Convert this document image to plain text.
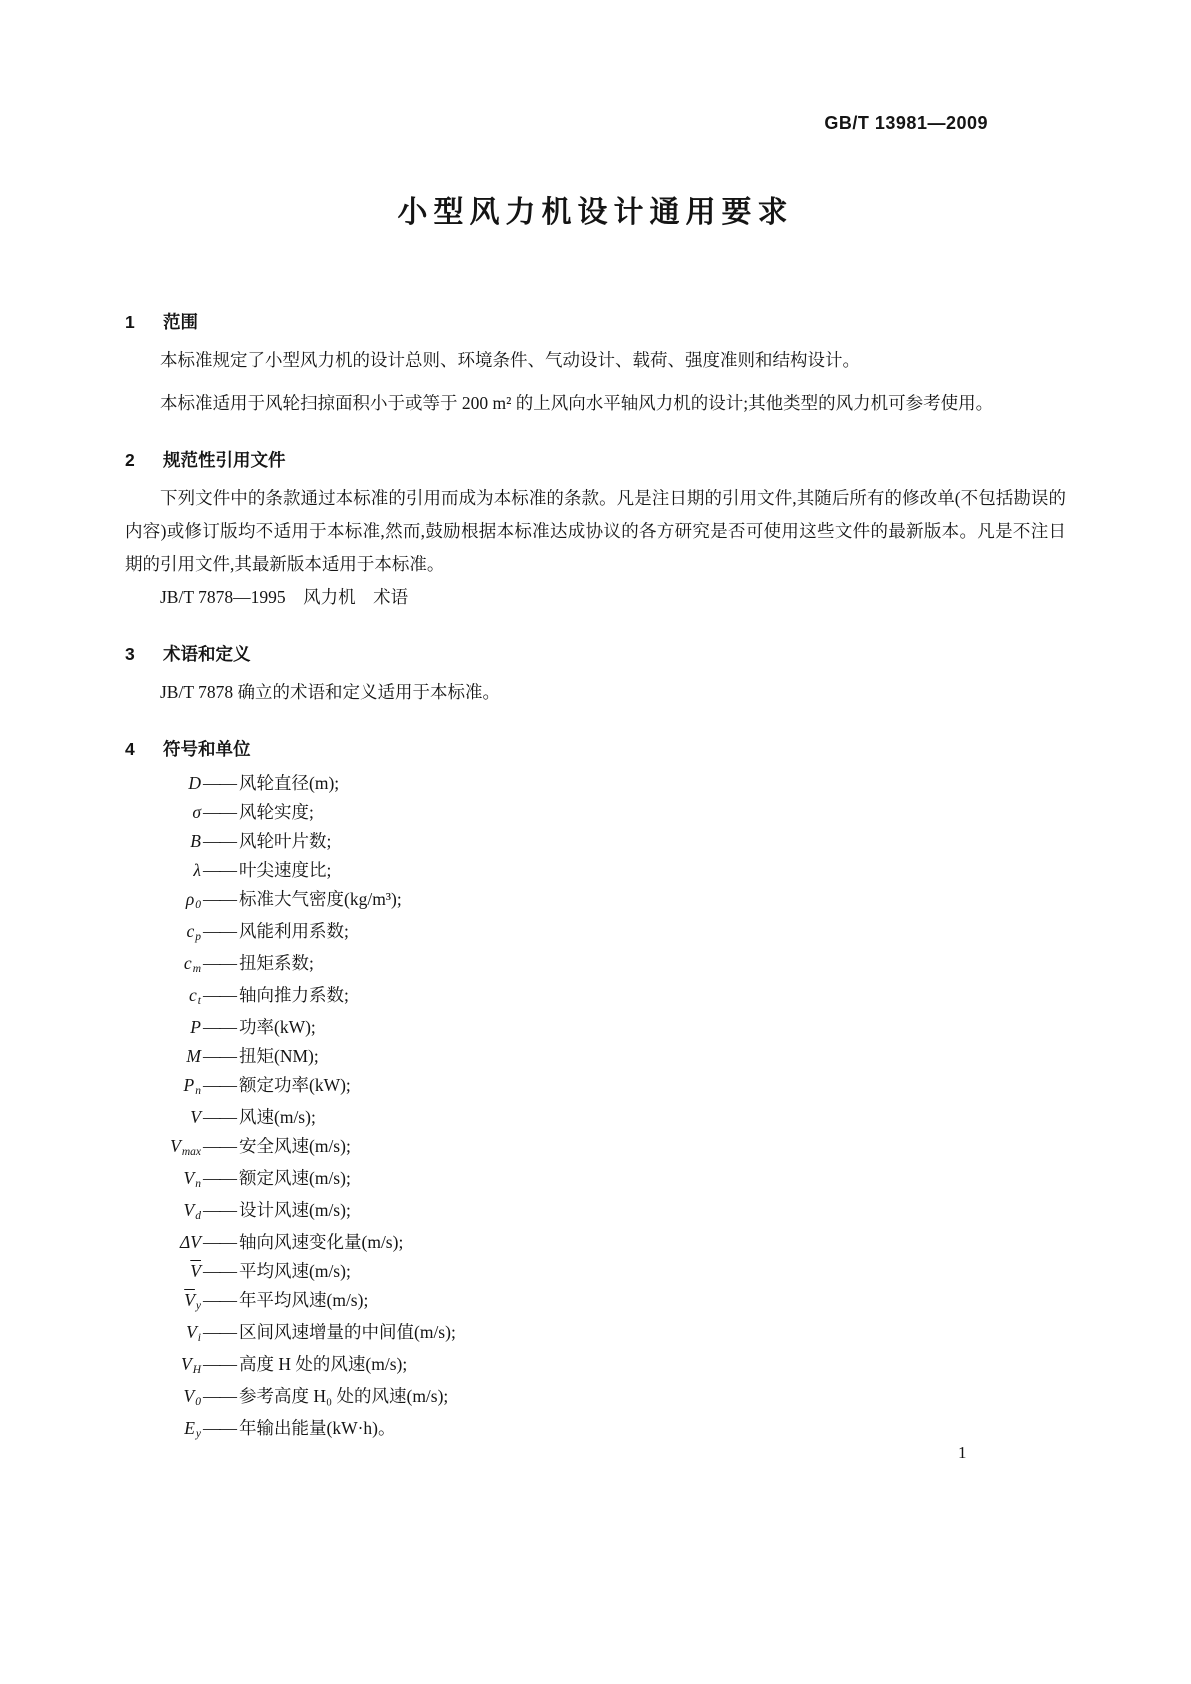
GB/T 13981—2009
小型风力机设计通用要求
1 范围

本标准规定了小型风力机的设计总则、环境条件、气动设计、载荷、强度准则和结构设计。

本标准适用于风轮扫掠面积小于或等于 200 m² 的上风向水平轴风力机的设计;其他类型的风力机可参考使用。

2 规范性引用文件

下列文件中的条款通过本标准的引用而成为本标准的条款。凡是注日期的引用文件,其随后所有的修改单(不包括勘误的内容)或修订版均不适用于本标准,然而,鼓励根据本标准达成协议的各方研究是否可使用这些文件的最新版本。凡是不注日期的引用文件,其最新版本适用于本标准。

JB/T 7878—1995　风力机　术语
3 术语和定义

JB/T 7878 确立的术语和定义适用于本标准。

4 符号和单位
D —— 风轮直径(m);
σ —— 风轮实度;
B —— 风轮叶片数;
λ —— 叶尖速度比;
ρ0 —— 标准大气密度(kg/m³);
cp —— 风能利用系数;
cm —— 扭矩系数;
ct —— 轴向推力系数;
P —— 功率(kW);
M —— 扭矩(NM);
Pn —— 额定功率(kW);
V —— 风速(m/s);
Vmax —— 安全风速(m/s);
Vn —— 额定风速(m/s);
Vd —— 设计风速(m/s);
ΔV —— 轴向风速变化量(m/s);
$\overline{V}$ —— 平均风速(m/s);
$\overline{V}y$ —— 年平均风速(m/s);
Vi —— 区间风速增量的中间值(m/s);
VH —— 高度 H 处的风速(m/s);
V0 —— 参考高度 H₀ 处的风速(m/s);
Ey —— 年输出能量(kW·h)。
1
